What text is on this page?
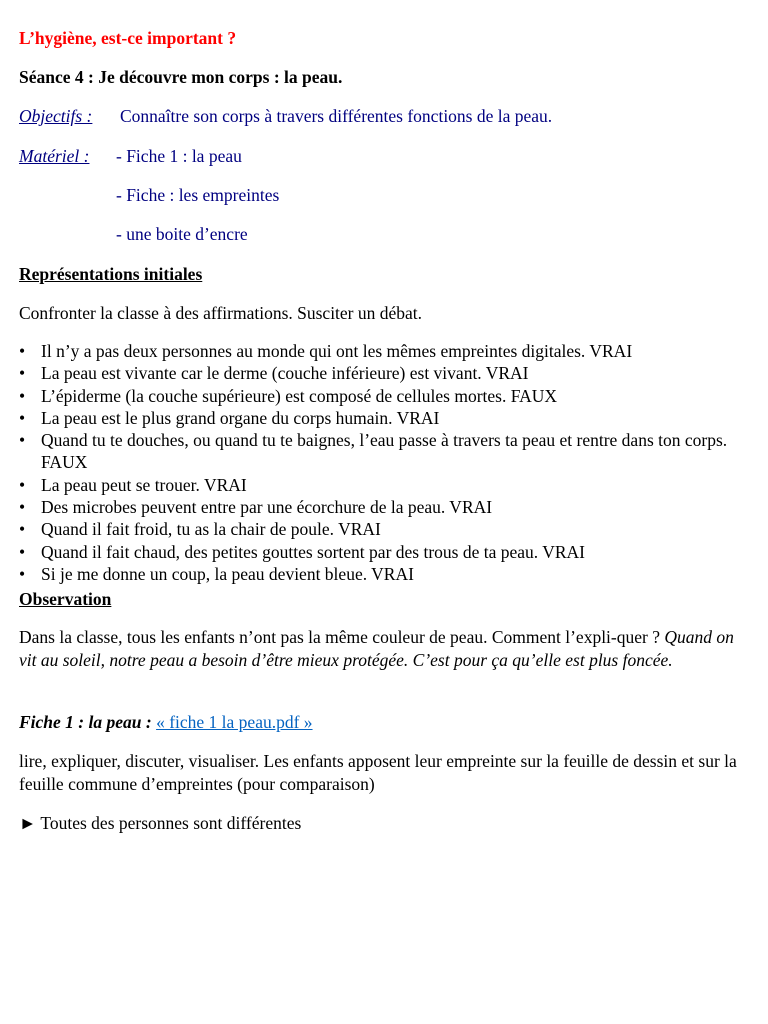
L’hygiène, est-ce important ?
Séance 4 : Je découvre mon corps : la peau.
Objectifs : Connaître son corps à travers différentes fonctions de la peau.
Matériel : - Fiche 1 : la peau
- Fiche : les empreintes
- une boite d’encre
Représentations initiales
Confronter la classe à des affirmations. Susciter un débat.
• Il n’y a pas deux personnes au monde qui ont les mêmes empreintes digitales. VRAI
• La peau est vivante car le derme (couche inférieure) est vivant. VRAI
• L’épiderme (la couche supérieure) est composé de cellules mortes. FAUX
• La peau est le plus grand organe du corps humain. VRAI
• Quand tu te douches, ou quand tu te baignes, l’eau passe à travers ta peau et rentre dans ton corps. FAUX
• La peau peut se trouer. VRAI
• Des microbes peuvent entre par une écorchure de la peau. VRAI
• Quand il fait froid, tu as la chair de poule. VRAI
• Quand il fait chaud, des petites gouttes sortent par des trous de ta peau. VRAI
• Si je me donne un coup, la peau devient bleue. VRAI
Observation
Dans la classe, tous les enfants n’ont pas la même couleur de peau. Comment l’expli-quer ? Quand on vit au soleil, notre peau a besoin d’être mieux protégée. C’est pour ça qu’elle est plus foncée.
Fiche 1 : la peau : « fiche 1 la peau.pdf »
lire, expliquer, discuter, visualiser. Les enfants apposent leur empreinte sur la feuille de dessin et sur la feuille commune d’empreintes (pour comparaison)
► Toutes des personnes sont différentes
